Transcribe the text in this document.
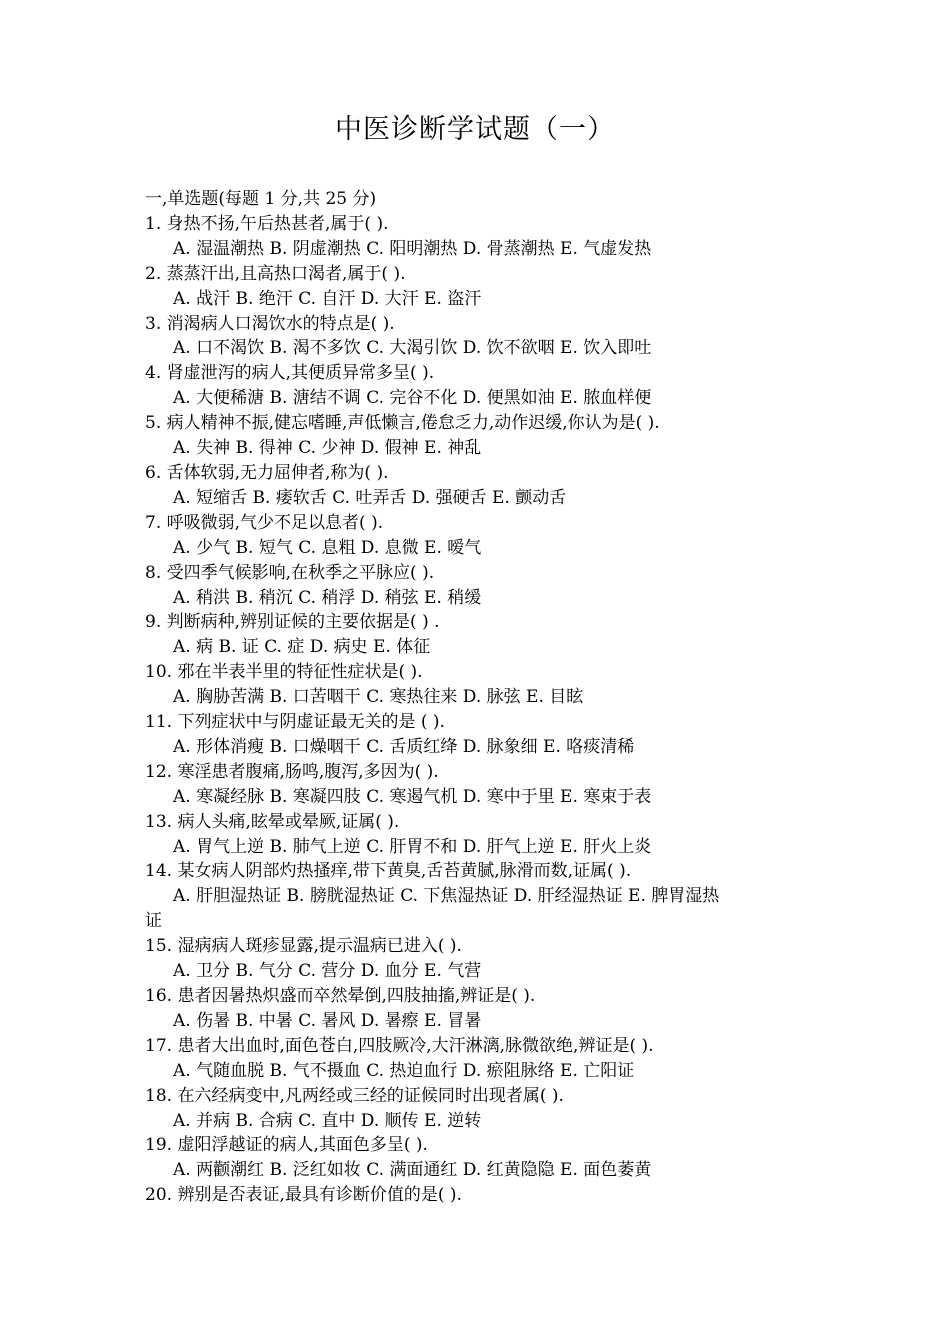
中医诊断学试题（一）
一,单选题(每题 1 分,共 25 分)
1. 身热不扬,午后热甚者,属于( ).
A. 湿温潮热 B. 阴虚潮热 C. 阳明潮热 D. 骨蒸潮热 E. 气虚发热
2. 蒸蒸汗出,且高热口渴者,属于( ).
A. 战汗 B. 绝汗 C. 自汗 D. 大汗 E. 盗汗
3. 消渴病人口渴饮水的特点是( ).
A. 口不渴饮 B. 渴不多饮 C. 大渴引饮 D. 饮不欲咽 E. 饮入即吐
4. 肾虚泄泻的病人,其便质异常多呈( ).
A. 大便稀溏 B. 溏结不调 C. 完谷不化 D. 便黑如油 E. 脓血样便
5. 病人精神不振,健忘嗜睡,声低懒言,倦怠乏力,动作迟缓,你认为是( ).
A. 失神 B. 得神 C. 少神 D. 假神 E. 神乱
6. 舌体软弱,无力屈伸者,称为( ).
A. 短缩舌 B. 痿软舌 C. 吐弄舌 D. 强硬舌 E. 颤动舌
7. 呼吸微弱,气少不足以息者( ).
A. 少气 B. 短气 C. 息粗 D. 息微 E. 嗳气
8. 受四季气候影响,在秋季之平脉应( ).
A. 稍洪 B. 稍沉 C. 稍浮 D. 稍弦 E. 稍缓
9. 判断病种,辨别证候的主要依据是( ) .
A. 病 B. 证 C. 症 D. 病史 E. 体征
10. 邪在半表半里的特征性症状是( ).
A. 胸胁苦满 B. 口苦咽干 C. 寒热往来 D. 脉弦 E. 目眩
11. 下列症状中与阴虚证最无关的是 ( ).
A. 形体消瘦 B. 口燥咽干 C. 舌质红绛 D. 脉象细 E. 咯痰清稀
12. 寒淫患者腹痛,肠鸣,腹泻,多因为( ).
A. 寒凝经脉 B. 寒凝四肢 C. 寒遏气机 D. 寒中于里 E. 寒束于表
13. 病人头痛,眩晕或晕厥,证属( ).
A. 胃气上逆 B. 肺气上逆 C. 肝胃不和 D. 肝气上逆 E. 肝火上炎
14. 某女病人阴部灼热搔痒,带下黄臭,舌苔黄腻,脉滑而数,证属( ).
A. 肝胆湿热证 B. 膀胱湿热证 C. 下焦湿热证 D. 肝经湿热证 E. 脾胃湿热
证
15. 湿病病人斑疹显露,提示温病已进入( ).
A. 卫分 B. 气分 C. 营分 D. 血分 E. 气营
16. 患者因暑热炽盛而卒然晕倒,四肢抽搐,辨证是( ).
A. 伤暑 B. 中暑 C. 暑风 D. 暑瘵 E. 冒暑
17. 患者大出血时,面色苍白,四肢厥冷,大汗淋漓,脉微欲绝,辨证是( ).
A. 气随血脱 B. 气不摄血 C. 热迫血行 D. 瘀阻脉络 E. 亡阳证
18. 在六经病变中,凡两经或三经的证候同时出现者属( ).
A. 并病 B. 合病 C. 直中 D. 顺传 E. 逆转
19. 虚阳浮越证的病人,其面色多呈( ).
A. 两颧潮红 B. 泛红如妆 C. 满面通红 D. 红黄隐隐 E. 面色萎黄
20. 辨别是否表证,最具有诊断价值的是( ).
